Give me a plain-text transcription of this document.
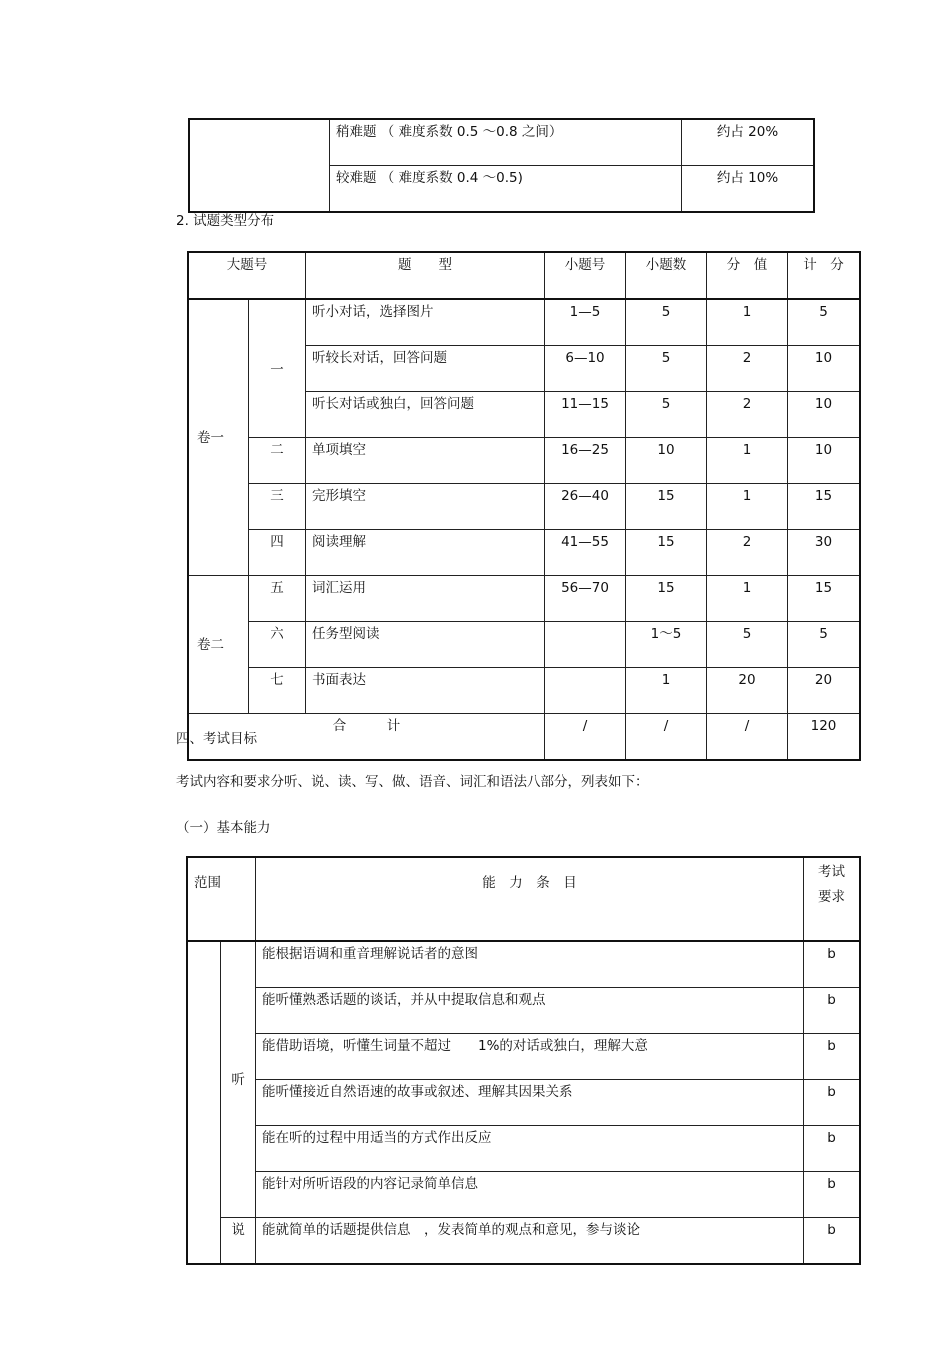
	稍难题 （ 难度系数 0.5 ～0.8 之间）	约占 20%
	较难题 （ 难度系数 0.4 ～0.5)	约占 10%
2. 试题类型分布
大题号		题　　型	小题号	小题数	分　值	计　分
卷一	一	听小对话，选择图片	1—5	5	1	5
		听较长对话，回答问题	6—10	5	2	10
		听长对话或独白，回答问题	11—15	5	2	10
	二	单项填空	16—25	10	1	10
	三	完形填空	26—40	15	1	15
	四	阅读理解	41—55	15	2	30
卷二	五	词汇运用	56—70	15	1	15
	六	任务型阅读		1～5	5	5
	七	书面表达		1	20	20
合　　　计			/	/	/	120
四、考试目标
考试内容和要求分听、说、读、写、做、语音、词汇和语法八部分，列表如下：
（一）基本能力
范围		能　力　条　目	考试
要求

	听	能根据语调和重音理解说话者的意图	b
		能听懂熟悉话题的谈话，并从中提取信息和观点	b
		能借助语境，听懂生词量不超过　　1%的对话或独白，理解大意	b
		能听懂接近自然语速的故事或叙述、理解其因果关系	b
		能在听的过程中用适当的方式作出反应	b
		能针对所听语段的内容记录简单信息	b
	说	能就简单的话题提供信息　，发表简单的观点和意见，参与谈论	b
